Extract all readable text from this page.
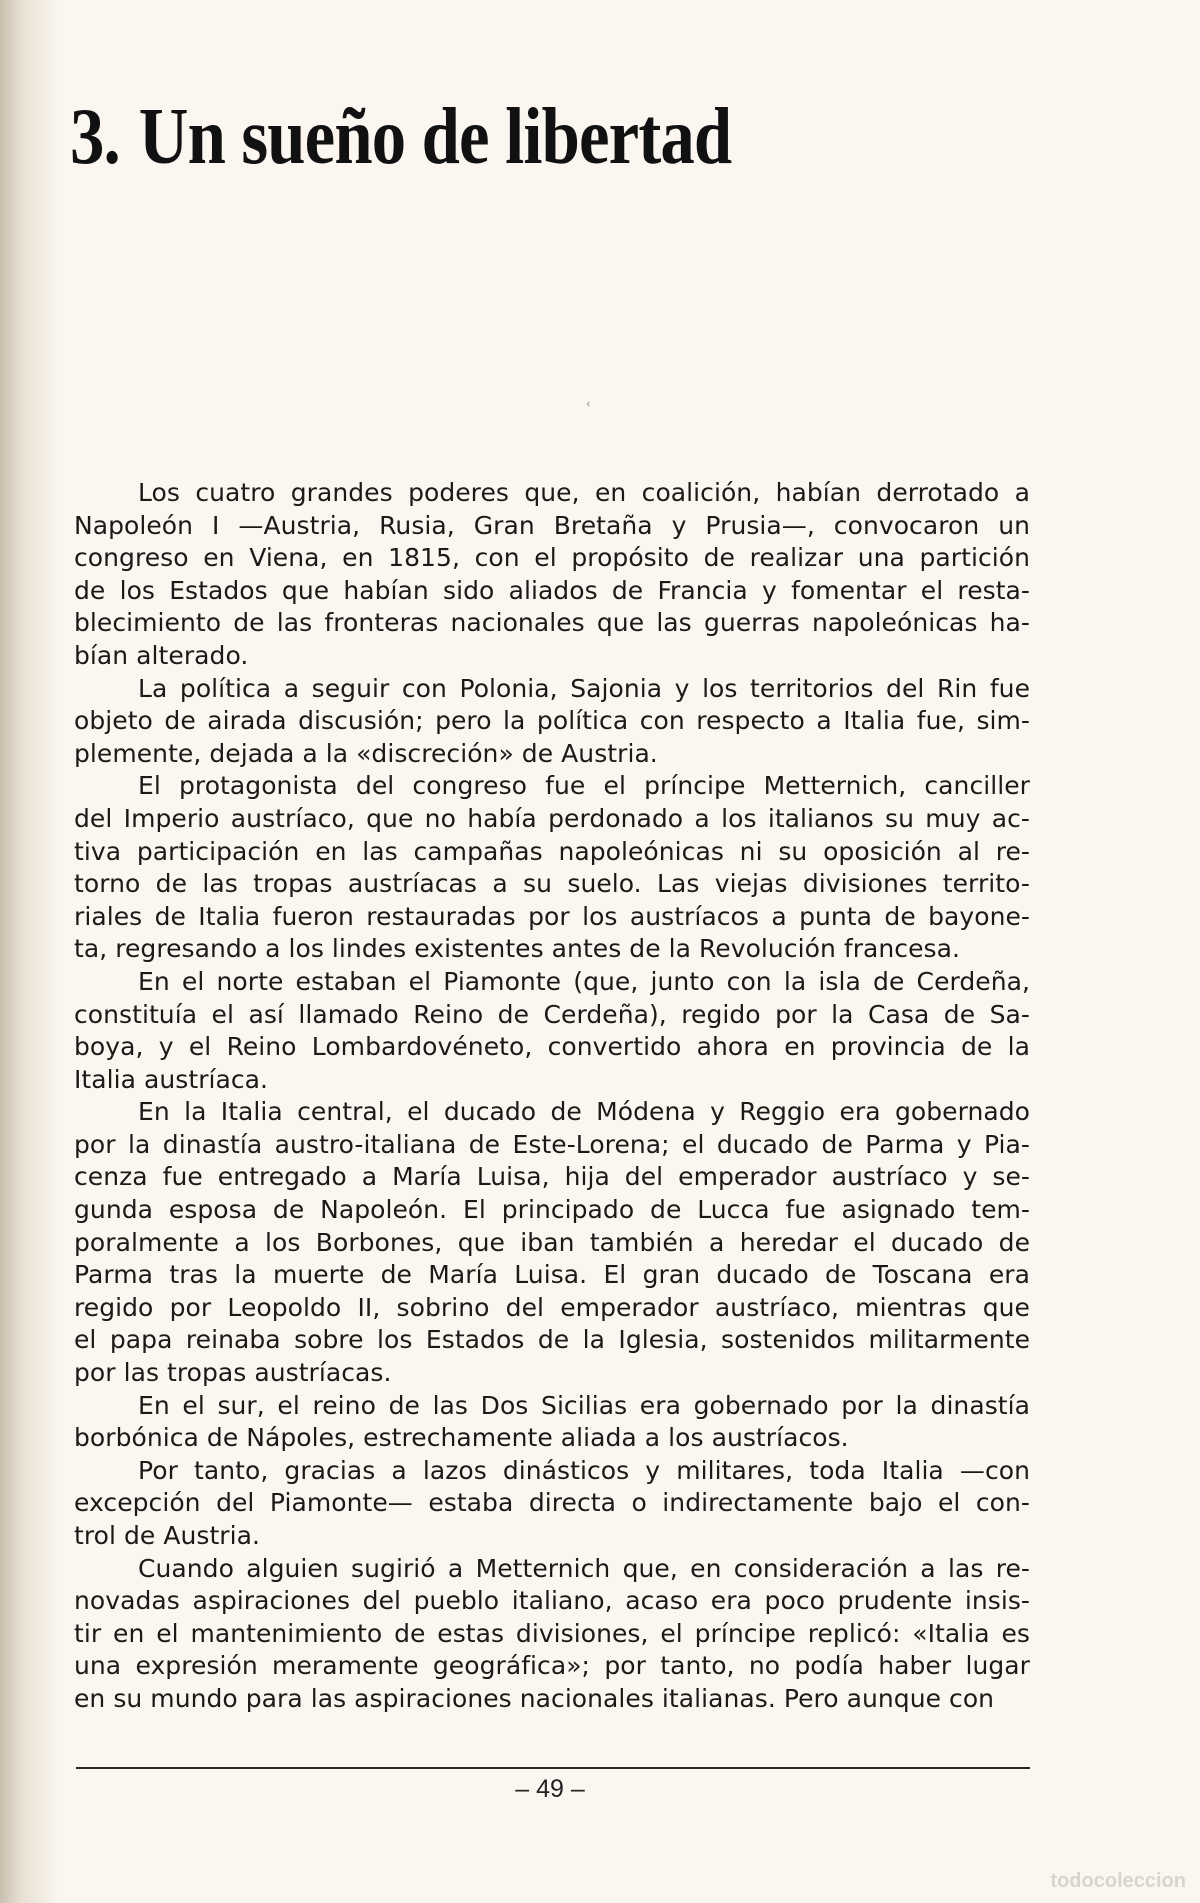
3. Un sueño de libertad
‹
Los cuatro grandes poderes que, en coalición, habían derrotado a
Napoleón I —Austria, Rusia, Gran Bretaña y Prusia—, convocaron un
congreso en Viena, en 1815, con el propósito de realizar una partición
de los Estados que habían sido aliados de Francia y fomentar el resta-
blecimiento de las fronteras nacionales que las guerras napoleónicas ha-
bían alterado.
La política a seguir con Polonia, Sajonia y los territorios del Rin fue
objeto de airada discusión; pero la política con respecto a Italia fue, sim-
plemente, dejada a la «discreción» de Austria.
El protagonista del congreso fue el príncipe Metternich, canciller
del Imperio austríaco, que no había perdonado a los italianos su muy ac-
tiva participación en las campañas napoleónicas ni su oposición al re-
torno de las tropas austríacas a su suelo. Las viejas divisiones territo-
riales de Italia fueron restauradas por los austríacos a punta de bayone-
ta, regresando a los lindes existentes antes de la Revolución francesa.
En el norte estaban el Piamonte (que, junto con la isla de Cerdeña,
constituía el así llamado Reino de Cerdeña), regido por la Casa de Sa-
boya, y el Reino Lombardovéneto, convertido ahora en provincia de la
Italia austríaca.
En la Italia central, el ducado de Módena y Reggio era gobernado
por la dinastía austro-italiana de Este-Lorena; el ducado de Parma y Pia-
cenza fue entregado a María Luisa, hija del emperador austríaco y se-
gunda esposa de Napoleón. El principado de Lucca fue asignado tem-
poralmente a los Borbones, que iban también a heredar el ducado de
Parma tras la muerte de María Luisa. El gran ducado de Toscana era
regido por Leopoldo II, sobrino del emperador austríaco, mientras que
el papa reinaba sobre los Estados de la Iglesia, sostenidos militarmente
por las tropas austríacas.
En el sur, el reino de las Dos Sicilias era gobernado por la dinastía
borbónica de Nápoles, estrechamente aliada a los austríacos.
Por tanto, gracias a lazos dinásticos y militares, toda Italia —con
excepción del Piamonte— estaba directa o indirectamente bajo el con-
trol de Austria.
Cuando alguien sugirió a Metternich que, en consideración a las re-
novadas aspiraciones del pueblo italiano, acaso era poco prudente insis-
tir en el mantenimiento de estas divisiones, el príncipe replicó: «Italia es
una expresión meramente geográfica»; por tanto, no podía haber lugar
en su mundo para las aspiraciones nacionales italianas. Pero aunque con
– 49 –
todocoleccion
